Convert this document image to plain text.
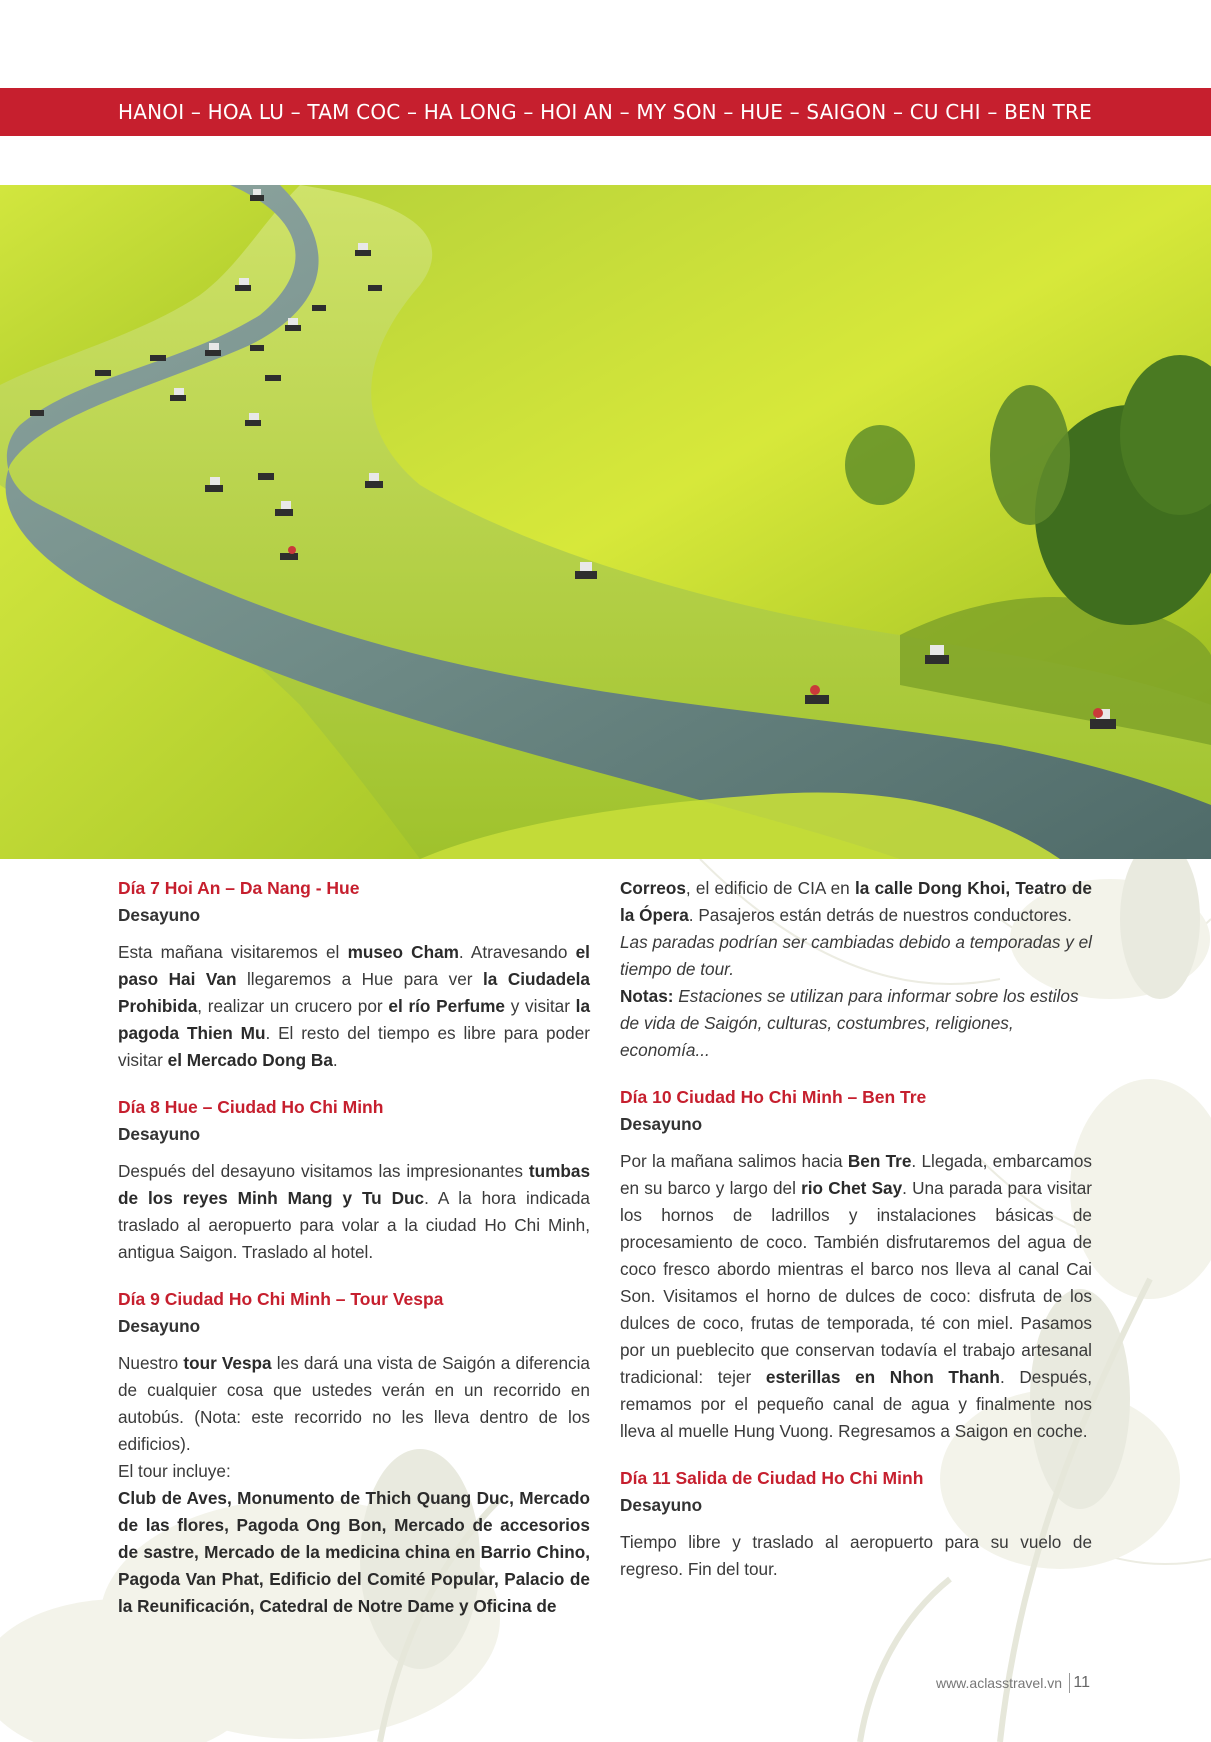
HANOI – HOA LU – TAM COC – HA LONG – HOI AN – MY SON – HUE – SAIGON – CU CHI – BEN TRE
Día 7 Hoi An – Da Nang - Hue
Desayuno

Esta mañana visitaremos el museo Cham. Atravesando el paso Hai Van llegaremos a Hue para ver la Ciudadela Prohibida, realizar un crucero por el río Perfume y visitar la pagoda Thien Mu. El resto del tiempo es libre para poder visitar el Mercado Dong Ba.

Día 8 Hue – Ciudad Ho Chi Minh
Desayuno

Después del desayuno visitamos las impresionantes tumbas de los reyes Minh Mang y Tu Duc. A la hora indicada traslado al aeropuerto para volar a la ciudad Ho Chi Minh, antigua Saigon. Traslado al hotel.

Día 9 Ciudad Ho Chi Minh – Tour Vespa
Desayuno

Nuestro tour Vespa les dará una vista de Saigón a diferencia de cualquier cosa que ustedes verán en un recorrido en autobús. (Nota: este recorrido no les lleva dentro de los edificios).

El tour incluye:
Club de Aves, Monumento de Thich Quang Duc, Mercado de las flores, Pagoda Ong Bon, Mercado de accesorios de sastre, Mercado de la medicina china en Barrio Chino, Pagoda Van Phat, Edificio del Comité Popular, Palacio de la Reunificación, Catedral de Notre Dame y Oficina de
Correos, el edificio de CIA en la calle Dong Khoi, Teatro de la Ópera. Pasajeros están detrás de nuestros conductores.
Las paradas podrían ser cambiadas debido a temporadas y el tiempo de tour.
Notas: Estaciones se utilizan para informar sobre los estilos de vida de Saigón, culturas, costumbres, religiones, economía...
Día 10 Ciudad Ho Chi Minh – Ben Tre
Desayuno

Por la mañana salimos hacia Ben Tre. Llegada, embarcamos en su barco y largo del rio Chet Say. Una parada para visitar los hornos de ladrillos y instalaciones básicas de procesamiento de coco. También disfrutaremos del agua de coco fresco abordo mientras el barco nos lleva al canal Cai Son. Visitamos el horno de dulces de coco: disfruta de los dulces de coco, frutas de temporada, té con miel. Pasamos por un pueblecito que conservan todavía el trabajo artesanal tradicional: tejer esterillas en Nhon Thanh. Después, remamos por el pequeño canal de agua y finalmente nos lleva al muelle Hung Vuong. Regresamos a Saigon en coche.

Día 11 Salida de Ciudad Ho Chi Minh
Desayuno

Tiempo libre y traslado al aeropuerto para su vuelo de regreso. Fin del tour.

www.aclasstravel.vn 11
